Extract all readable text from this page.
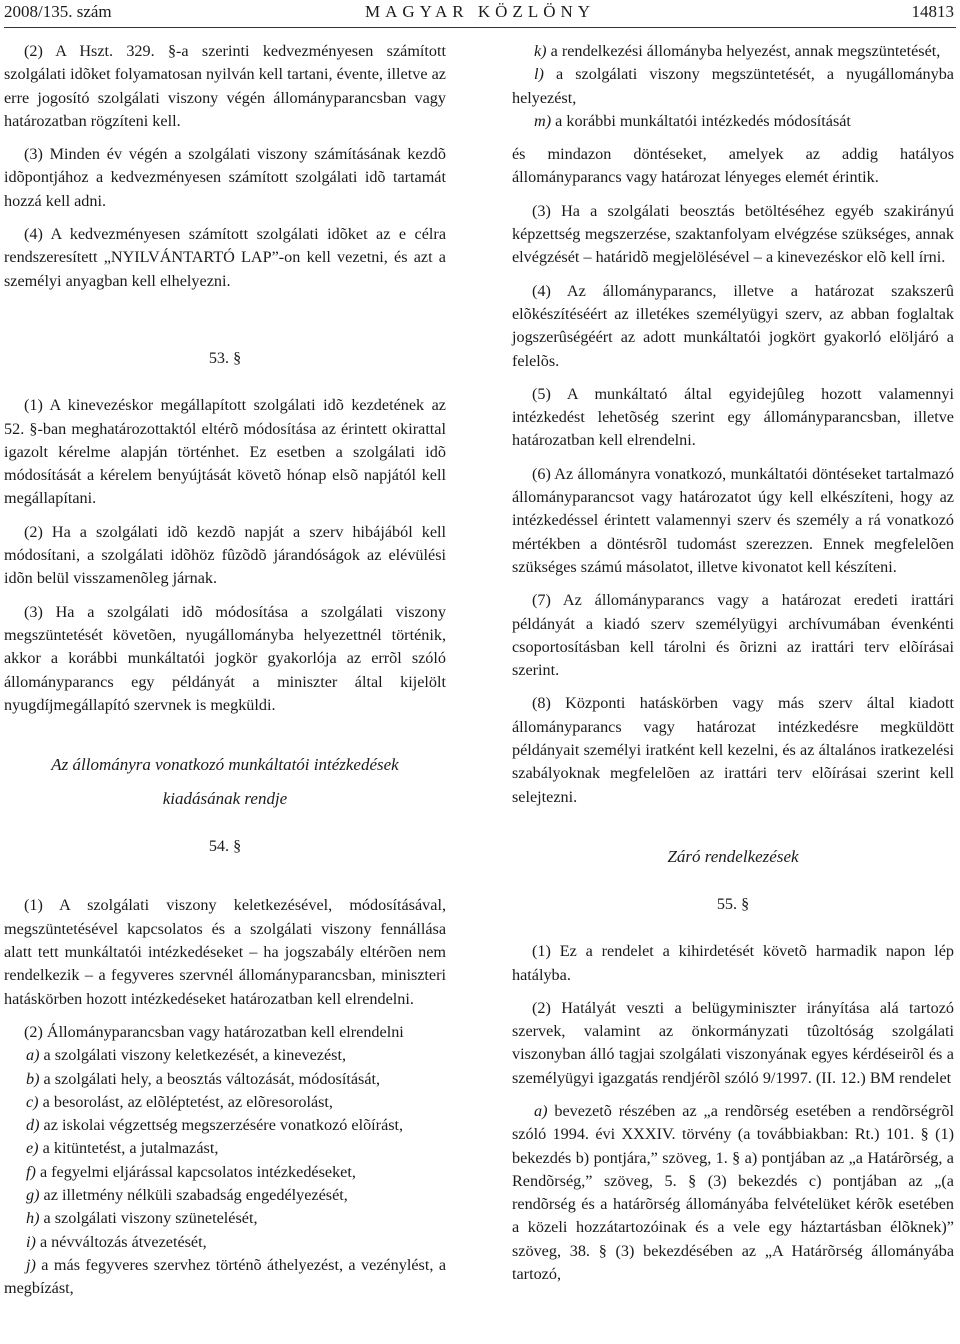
2008/135. szám	MAGYAR KÖZLÖNY	14813

(2) A Hszt. 329. §-a szerinti kedvezményesen számított szolgálati idõket folyamatosan nyilván kell tartani, évente, illetve az erre jogosító szolgálati viszony végén állományparancsban vagy határozatban rögzíteni kell.

(3) Minden év végén a szolgálati viszony számításának kezdõ idõpontjához a kedvezményesen számított szolgálati idõ tartamát hozzá kell adni.

(4) A kedvezményesen számított szolgálati idõket az e célra rendszeresített „NYILVÁNTARTÓ LAP”-on kell vezetni, és azt a személyi anyagban kell elhelyezni.

53. §

(1) A kinevezéskor megállapított szolgálati idõ kezdetének az 52. §-ban meghatározottaktól eltérõ módosítása az érintett okirattal igazolt kérelme alapján történhet. Ez esetben a szolgálati idõ módosítását a kérelem benyújtását követõ hónap elsõ napjától kell megállapítani.

(2) Ha a szolgálati idõ kezdõ napját a szerv hibájából kell módosítani, a szolgálati idõhöz fûzõdõ járandóságok az elévülési idõn belül visszamenõleg járnak.

(3) Ha a szolgálati idõ módosítása a szolgálati viszony megszüntetését követõen, nyugállományba helyezettnél történik, akkor a korábbi munkáltatói jogkör gyakorlója az errõl szóló állományparancs egy példányát a miniszter által kijelölt nyugdíjmegállapító szervnek is megküldi.

Az állományra vonatkozó munkáltatói intézkedések

kiadásának rendje

54. §

(1) A szolgálati viszony keletkezésével, módosításával, megszüntetésével kapcsolatos és a szolgálati viszony fennállása alatt tett munkáltatói intézkedéseket – ha jogszabály eltérõen nem rendelkezik – a fegyveres szervnél állományparancsban, miniszteri hatáskörben hozott intézkedéseket határozatban kell elrendelni.

(2) Állományparancsban vagy határozatban kell elrendelni

a) a szolgálati viszony keletkezését, a kinevezést,

b) a szolgálati hely, a beosztás változását, módosítását,

c) a besorolást, az elõléptetést, az elõresorolást,

d) az iskolai végzettség megszerzésére vonatkozó elõírást,

e) a kitüntetést, a jutalmazást,

f) a fegyelmi eljárással kapcsolatos intézkedéseket,

g) az illetmény nélküli szabadság engedélyezését,

h) a szolgálati viszony szünetelését,

i) a névváltozás átvezetését,

j) a más fegyveres szervhez történõ áthelyezést, a vezénylést, a megbízást,

k) a rendelkezési állományba helyezést, annak megszüntetését,

l) a szolgálati viszony megszüntetését, a nyugállományba helyezést,

m) a korábbi munkáltatói intézkedés módosítását

és mindazon döntéseket, amelyek az addig hatályos állományparancs vagy határozat lényeges elemét érintik.

(3) Ha a szolgálati beosztás betöltéséhez egyéb szakirányú képzettség megszerzése, szaktanfolyam elvégzése szükséges, annak elvégzését – határidõ megjelölésével – a kinevezéskor elõ kell írni.

(4) Az állományparancs, illetve a határozat szakszerû elõkészítéséért az illetékes személyügyi szerv, az abban foglaltak jogszerûségéért az adott munkáltatói jogkört gyakorló elöljáró a felelõs.

(5) A munkáltató által egyidejûleg hozott valamennyi intézkedést lehetõség szerint egy állományparancsban, illetve határozatban kell elrendelni.

(6) Az állományra vonatkozó, munkáltatói döntéseket tartalmazó állományparancsot vagy határozatot úgy kell elkészíteni, hogy az intézkedéssel érintett valamennyi szerv és személy a rá vonatkozó mértékben a döntésrõl tudomást szerezzen. Ennek megfelelõen szükséges számú másolatot, illetve kivonatot kell készíteni.

(7) Az állományparancs vagy a határozat eredeti irattári példányát a kiadó szerv személyügyi archívumában évenkénti csoportosításban kell tárolni és õrizni az irattári terv elõírásai szerint.

(8) Központi hatáskörben vagy más szerv által kiadott állományparancs vagy határozat intézkedésre megküldött példányait személyi iratként kell kezelni, és az általános iratkezelési szabályoknak megfelelõen az irattári terv elõírásai szerint kell selejtezni.

Záró rendelkezések

55. §

(1) Ez a rendelet a kihirdetését követõ harmadik napon lép hatályba.

(2) Hatályát veszti a belügyminiszter irányítása alá tartozó szervek, valamint az önkormányzati tûzoltóság szolgálati viszonyban álló tagjai szolgálati viszonyának egyes kérdéseirõl és a személyügyi igazgatás rendjérõl szóló 9/1997. (II. 12.) BM rendelet

a) bevezetõ részében az „a rendõrség esetében a rendõrségrõl szóló 1994. évi XXXIV. törvény (a továbbiakban: Rt.) 101. § (1) bekezdés b) pontjára,” szöveg, 1. § a) pontjában az „a Határõrség, a Rendõrség,” szöveg, 5. § (3) bekezdés c) pontjában az „(a rendõrség és a határõrség állományába felvételüket kérõk esetében a közeli hozzátartozóinak és a vele egy háztartásban élõknek)” szöveg, 38. § (3) bekezdésében az „A Határõrség állományába tartozó,
